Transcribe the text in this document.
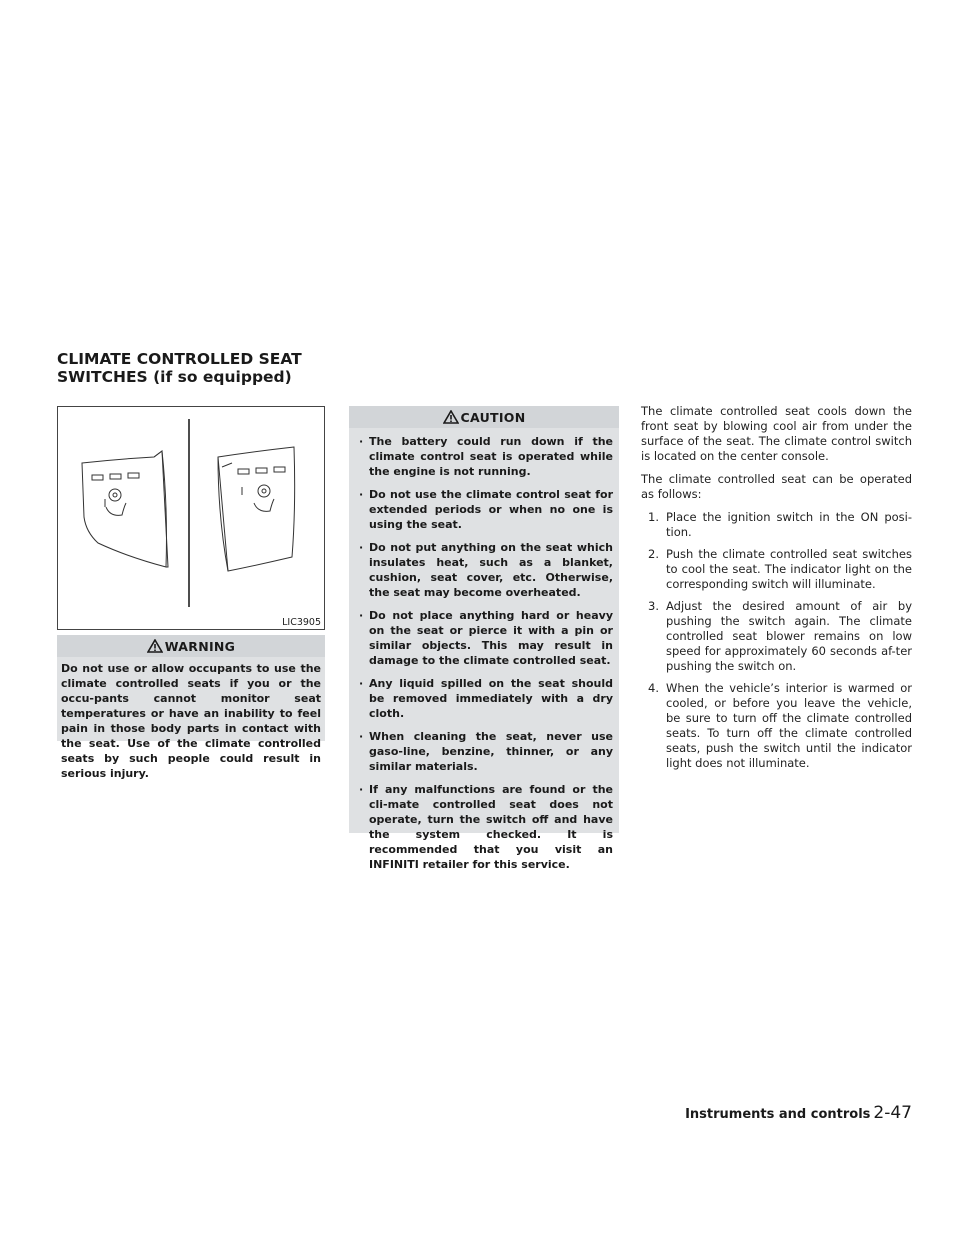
CLIMATE CONTROLLED SEAT
SWITCHES (if so equipped)
LIC3905
WARNING
Do not use or allow occupants to use the climate controlled seats if you or the occu-pants cannot monitor seat temperatures or have an inability to feel pain in those body parts in contact with the seat. Use of the climate controlled seats by such people could result in serious injury.
CAUTION
· The battery could run down if the climate control seat is operated while the engine is not running.
· Do not use the climate control seat for extended periods or when no one is using the seat.
· Do not put anything on the seat which insulates heat, such as a blanket, cushion, seat cover, etc. Otherwise, the seat may become overheated.
· Do not place anything hard or heavy on the seat or pierce it with a pin or similar objects. This may result in damage to the climate controlled seat.
· Any liquid spilled on the seat should be removed immediately with a dry cloth.
· When cleaning the seat, never use gaso-line, benzine, thinner, or any similar materials.
· If any malfunctions are found or the cli-mate controlled seat does not operate, turn the switch off and have the system checked. It is recommended that you visit an INFINITI retailer for this service.

The climate controlled seat cools down the front seat by blowing cool air from under the surface of the seat. The climate control switch is located on the center console.

The climate controlled seat can be operated as follows:

1. Place the ignition switch in the ON posi-tion.
2. Push the climate controlled seat switches to cool the seat. The indicator light on the corresponding switch will illuminate.
3. Adjust the desired amount of air by pushing the switch again. The climate controlled seat blower remains on low speed for approximately 60 seconds af-ter pushing the switch on.
4. When the vehicle’s interior is warmed or cooled, or before you leave the vehicle, be sure to turn off the climate controlled seats. To turn off the climate controlled seats, push the switch until the indicator light does not illuminate.
Instruments and controls 2-47
